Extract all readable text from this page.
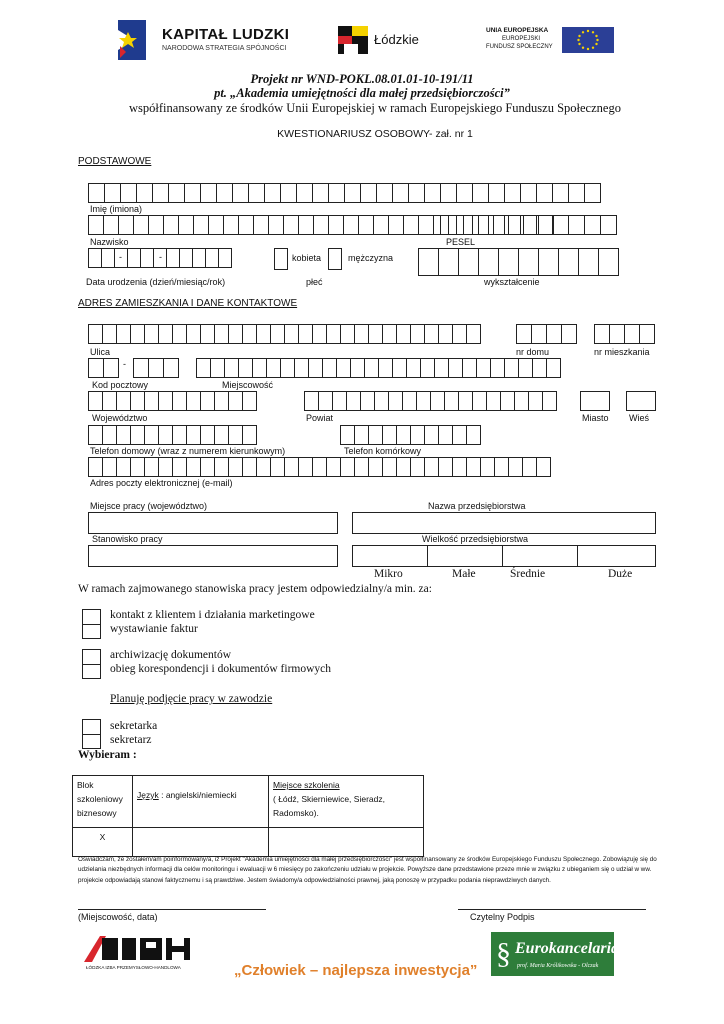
KAPITAŁ LUDZKI
NARODOWA STRATEGIA SPÓJNOŚCI
Łódzkie
UNIA EUROPEJSKA
EUROPEJSKI
FUNDUSZ SPOŁECZNY
Projekt nr WND-POKL.08.01.01-10-191/11
pt. „Akademia umiejętności dla małej przedsiębiorczości”
współfinansowany ze środków Unii Europejskiej w ramach Europejskiego Funduszu Społecznego
KWESTIONARIUSZ OSOBOWY- zał. nr 1
PODSTAWOWE
Imię (imiona)
Nazwisko	PESEL
-	-	kobieta	mężczyzna
Data urodzenia (dzień/miesiąc/rok)	płeć	wykształcenie
ADRES ZAMIESZKANIA I DANE KONTAKTOWE
Ulica	nr domu	nr mieszkania
-
Kod pocztowy	Miejscowość
Województwo	Powiat	Miasto Wieś
Telefon domowy (wraz z numerem kierunkowym)	Telefon komórkowy
Adres poczty elektronicznej (e-mail)
Miejsce pracy (województwo)	Nazwa przedsiębiorstwa
Stanowisko pracy	Wielkość przedsiębiorstwa
Mikro	Małe	Średnie	Duże
W ramach zajmowanego stanowiska pracy jestem odpowiedzialny/a min. za:
kontakt z klientem i działania marketingowe
wystawianie faktur
archiwizację dokumentów
obieg korespondencji i dokumentów firmowych
Planuję podjęcie pracy w zawodzie
sekretarka
sekretarz
Wybieram :
Blok szkoleniowy biznesowy	Język : angielski/niemiecki	Miejsce szkolenia
( Łódź, Skierniewice, Sieradz, Radomsko).
X		
Oświadczam, że zostałem/am poinformowany/a, iż Projekt "Akademia umiejętności dla małej przedsiębiorczości" jest współfinansowany ze środków Europejskiego Funduszu Społecznego. Zobowiązuję się do udzielania niezbędnych informacji dla celów monitoringu i ewaluacji w 6 miesięcy po zakończeniu udziału w projekcie. Powyższe dane przedstawione przeze mnie w związku z ubieganiem się o udział w ww. projekcie odpowiadają stanowi faktycznemu i są prawdziwe. Jestem świadomy/a odpowiedzialności prawnej, jaką ponoszę w przypadku podania nieprawdziwych danych.
(Miejscowość, data)	Czytelny Podpis
ŁÓDZKA IZBA PRZEMYSŁOWO-HANDLOWA	„Człowiek – najlepsza inwestycja”
§ Eurokancelaria
prof. Maria Królikowska - Olczak
